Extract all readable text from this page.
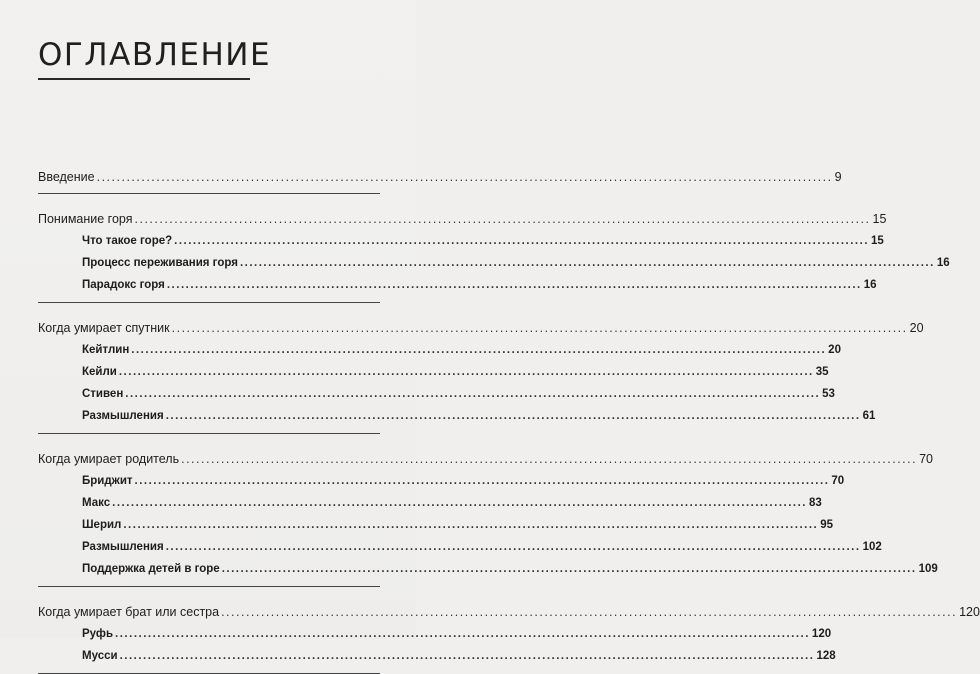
ОГЛАВЛЕНИЕ
Введение .....	9
Понимание горя .....	15
Что такое горе? .....	15
Процесс переживания горя .....	16
Парадокс горя .....	16
Когда умирает спутник .....	20
Кейтлин .....	20
Кейли .....	35
Стивен .....	53
Размышления .....	61
Когда умирает родитель .....	70
Бриджит .....	70
Макс .....	83
Шерил .....	95
Размышления .....	102
Поддержка детей в горе .....	109
Когда умирает брат или сестра .....	120
Руфь .....	120
Мусси .....	128
